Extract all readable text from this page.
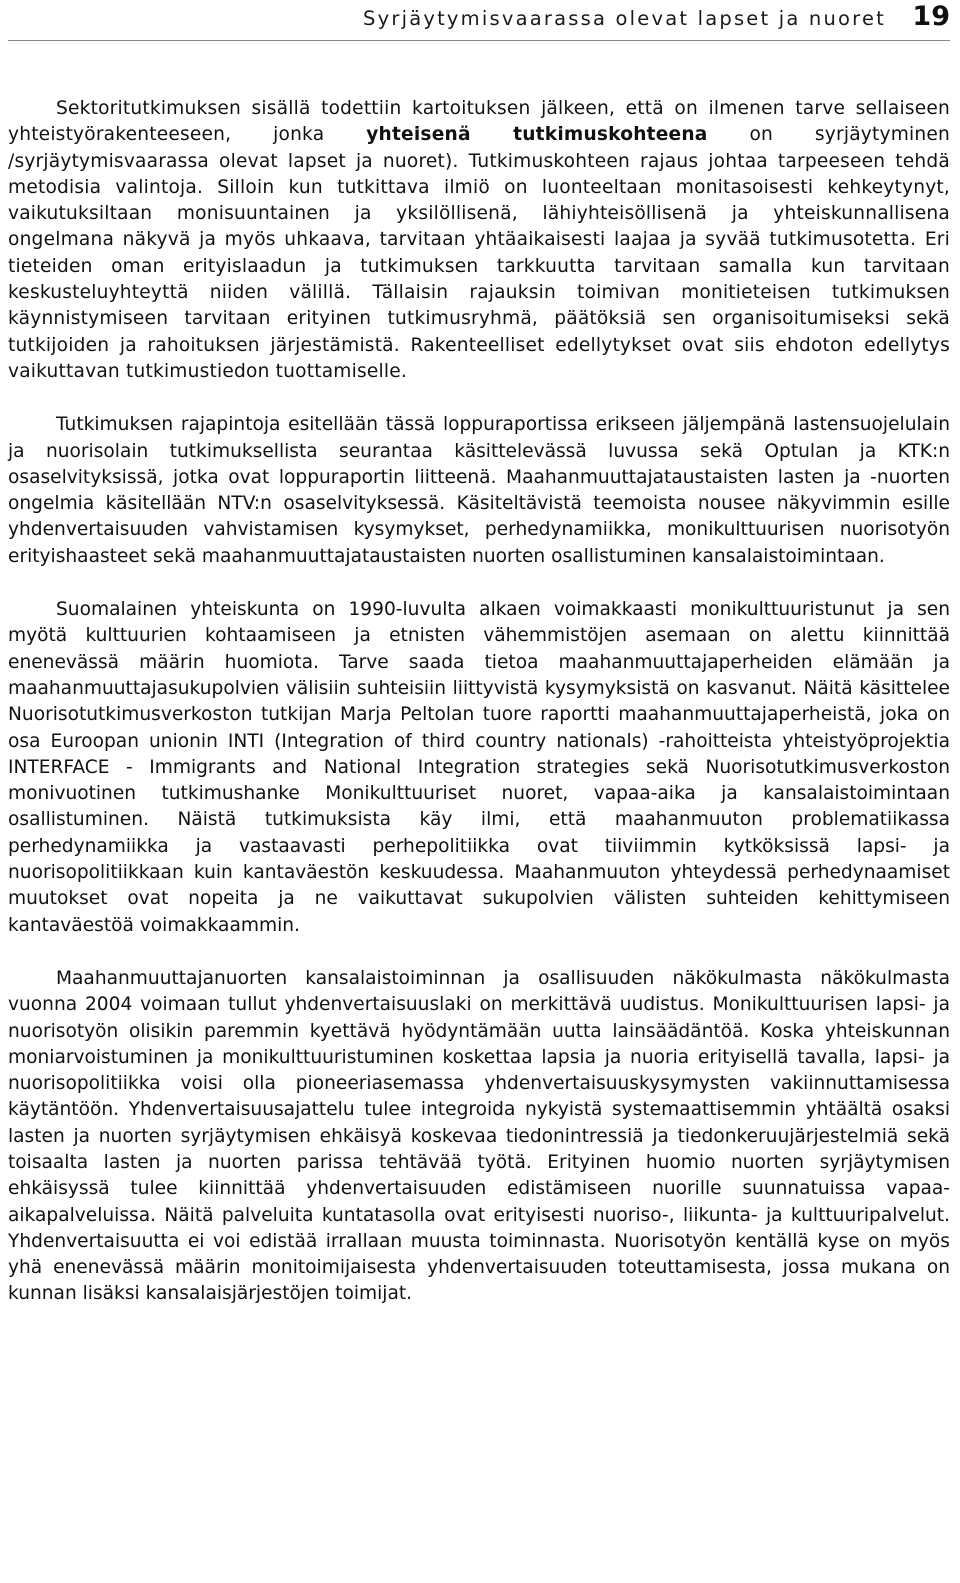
Syrjäytymisvaarassa olevat lapset ja nuoret 19

Sektoritutkimuksen sisällä todettiin kartoituksen jälkeen, että on ilmenen tarve sellaiseen yhteistyörakenteeseen, jonka yhteisenä tutkimuskohteena on syrjäytyminen /syrjäytymisvaarassa olevat lapset ja nuoret). Tutkimuskohteen rajaus johtaa tarpeeseen tehdä metodisia valintoja. Silloin kun tutkittava ilmiö on luonteeltaan monitasoisesti kehkeytynyt, vaikutuksiltaan monisuuntainen ja yksilöllisenä, lähiyhteisöllisenä ja yhteiskunnallisena ongelmana näkyvä ja myös uhkaava, tarvitaan yhtäaikaisesti laajaa ja syvää tutkimusotetta. Eri tieteiden oman erityislaadun ja tutkimuksen tarkkuutta tarvitaan samalla kun tarvitaan keskusteluyhteyttä niiden välillä. Tällaisin rajauksin toimivan monitieteisen tutkimuksen käynnistymiseen tarvitaan erityinen tutkimusryhmä, päätöksiä sen organisoitumiseksi sekä tutkijoiden ja rahoituksen järjestämistä. Rakenteelliset edellytykset ovat siis ehdoton edellytys vaikuttavan tutkimustiedon tuottamiselle.

Tutkimuksen rajapintoja esitellään tässä loppuraportissa erikseen jäljempänä lastensuojelulain ja nuorisolain tutkimuksellista seurantaa käsittelevässä luvussa sekä Optulan ja KTK:n osaselvityksissä, jotka ovat loppuraportin liitteenä. Maahanmuuttajataustaisten lasten ja -nuorten ongelmia käsitellään NTV:n osaselvityksessä. Käsiteltävistä teemoista nousee näkyvimmin esille yhdenvertaisuuden vahvistamisen kysymykset, perhedynamiikka, monikulttuurisen nuorisotyön erityishaasteet sekä maahanmuuttajataustaisten nuorten osallistuminen kansalaistoimintaan.

Suomalainen yhteiskunta on 1990-luvulta alkaen voimakkaasti monikulttuuristunut ja sen myötä kulttuurien kohtaamiseen ja etnisten vähemmistöjen asemaan on alettu kiinnittää enenevässä määrin huomiota. Tarve saada tietoa maahanmuuttajaperheiden elämään ja maahanmuuttajasukupolvien välisiin suhteisiin liittyvistä kysymyksistä on kasvanut. Näitä käsittelee Nuorisotutkimusverkoston tutkijan Marja Peltolan tuore raportti maahanmuuttajaperheistä, joka on osa Euroopan unionin INTI (Integration of third country nationals) -rahoitteista yhteistyöprojektia INTERFACE - Immigrants and National Integration strategies sekä Nuorisotutkimusverkoston monivuotinen tutkimushanke Monikulttuuriset nuoret, vapaa-aika ja kansalaistoimintaan osallistuminen. Näistä tutkimuksista käy ilmi, että maahanmuuton problematiikassa perhedynamiikka ja vastaavasti perhepolitiikka ovat tiiviimmin kytköksissä lapsi- ja nuorisopolitiikkaan kuin kantaväestön keskuudessa. Maahanmuuton yhteydessä perhedynaamiset muutokset ovat nopeita ja ne vaikuttavat sukupolvien välisten suhteiden kehittymiseen kantaväestöä voimakkaammin.

Maahanmuuttajanuorten kansalaistoiminnan ja osallisuuden näkökulmasta näkökulmasta vuonna 2004 voimaan tullut yhdenvertaisuuslaki on merkittävä uudistus. Monikulttuurisen lapsi- ja nuorisotyön olisikin paremmin kyettävä hyödyntämään uutta lainsäädäntöä. Koska yhteiskunnan moniarvoistuminen ja monikulttuuristuminen koskettaa lapsia ja nuoria erityisellä tavalla, lapsi- ja nuorisopolitiikka voisi olla pioneeriasemassa yhdenvertaisuuskysymysten vakiinnuttamisessa käytäntöön. Yhdenvertaisuusajattelu tulee integroida nykyistä systemaattisemmin yhtäältä osaksi lasten ja nuorten syrjäytymisen ehkäisyä koskevaa tiedonintressiä ja tiedonkeruujärjestelmiä sekä toisaalta lasten ja nuorten parissa tehtävää työtä. Erityinen huomio nuorten syrjäytymisen ehkäisyssä tulee kiinnittää yhdenvertaisuuden edistämiseen nuorille suunnatuissa vapaa-aikapalveluissa. Näitä palveluita kuntatasolla ovat erityisesti nuoriso-, liikunta- ja kulttuuripalvelut. Yhdenvertaisuutta ei voi edistää irrallaan muusta toiminnasta. Nuorisotyön kentällä kyse on myös yhä enenevässä määrin monitoimijaisesta yhdenvertaisuuden toteuttamisesta, jossa mukana on kunnan lisäksi kansalaisjärjestöjen toimijat.
